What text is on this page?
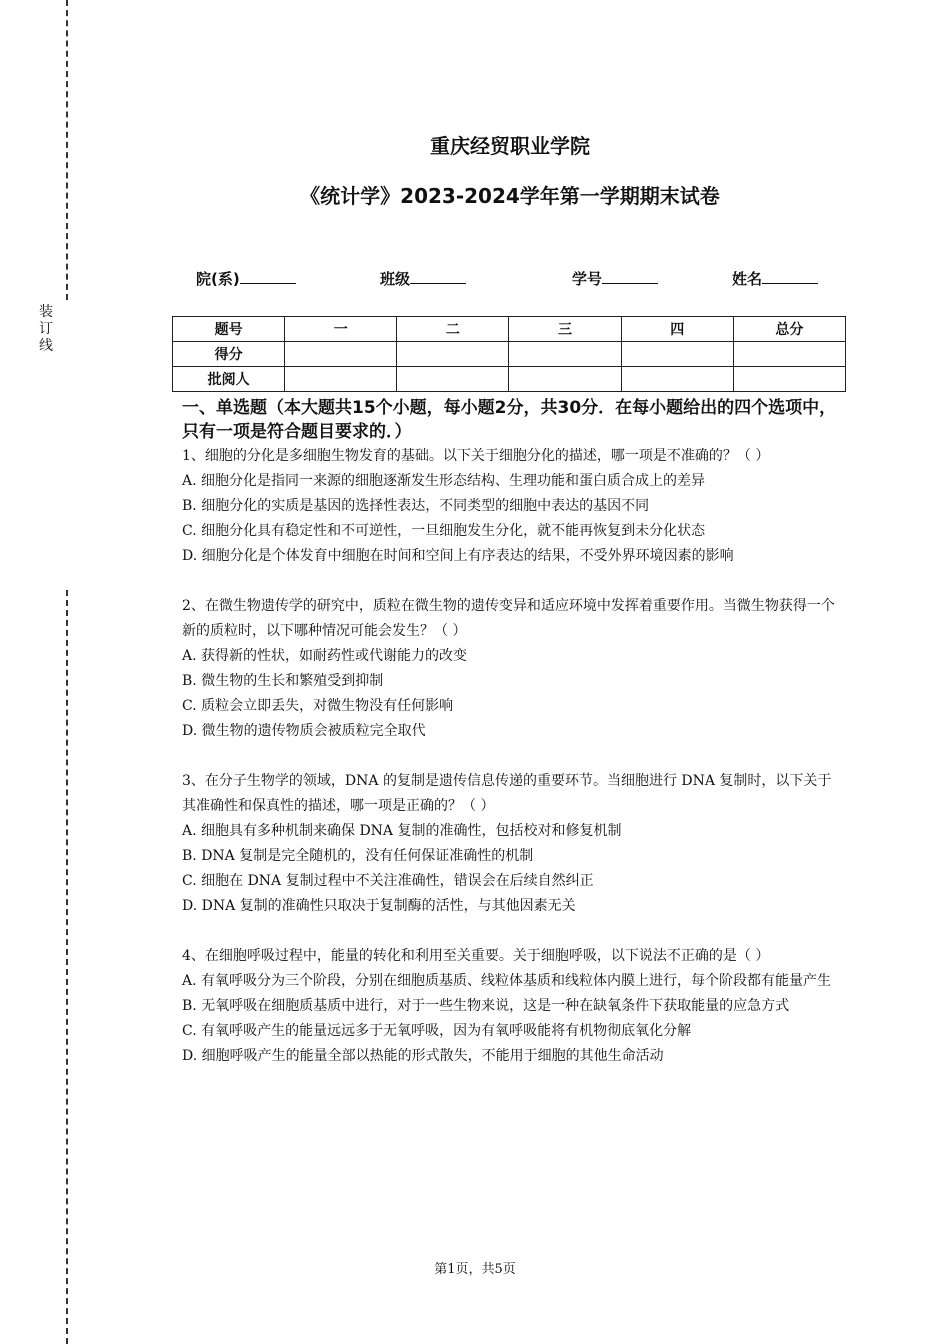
装
订
线
重庆经贸职业学院
《统计学》2023-2024学年第一学期期末试卷
院(系)	班级	学号	姓名
题号	一	二	三	四	总分
得分					
批阅人					
一、单选题（本大题共15个小题，每小题2分，共30分．在每小题给出的四个选项中，只有一项是符合题目要求的．）

1、细胞的分化是多细胞生物发育的基础。以下关于细胞分化的描述，哪一项是不准确的？（ ）

A. 细胞分化是指同一来源的细胞逐渐发生形态结构、生理功能和蛋白质合成上的差异

B. 细胞分化的实质是基因的选择性表达，不同类型的细胞中表达的基因不同

C. 细胞分化具有稳定性和不可逆性，一旦细胞发生分化，就不能再恢复到未分化状态

D. 细胞分化是个体发育中细胞在时间和空间上有序表达的结果，不受外界环境因素的影响

2、在微生物遗传学的研究中，质粒在微生物的遗传变异和适应环境中发挥着重要作用。当微生物获得一个新的质粒时，以下哪种情况可能会发生？（ ）

A. 获得新的性状，如耐药性或代谢能力的改变

B. 微生物的生长和繁殖受到抑制

C. 质粒会立即丢失，对微生物没有任何影响

D. 微生物的遗传物质会被质粒完全取代

3、在分子生物学的领域，DNA 的复制是遗传信息传递的重要环节。当细胞进行 DNA 复制时，以下关于其准确性和保真性的描述，哪一项是正确的？（ ）

A. 细胞具有多种机制来确保 DNA 复制的准确性，包括校对和修复机制

B. DNA 复制是完全随机的，没有任何保证准确性的机制

C. 细胞在 DNA 复制过程中不关注准确性，错误会在后续自然纠正

D. DNA 复制的准确性只取决于复制酶的活性，与其他因素无关

4、在细胞呼吸过程中，能量的转化和利用至关重要。关于细胞呼吸，以下说法不正确的是（ ）

A. 有氧呼吸分为三个阶段，分别在细胞质基质、线粒体基质和线粒体内膜上进行，每个阶段都有能量产生

B. 无氧呼吸在细胞质基质中进行，对于一些生物来说，这是一种在缺氧条件下获取能量的应急方式

C. 有氧呼吸产生的能量远远多于无氧呼吸，因为有氧呼吸能将有机物彻底氧化分解

D. 细胞呼吸产生的能量全部以热能的形式散失，不能用于细胞的其他生命活动

第1页，共5页
